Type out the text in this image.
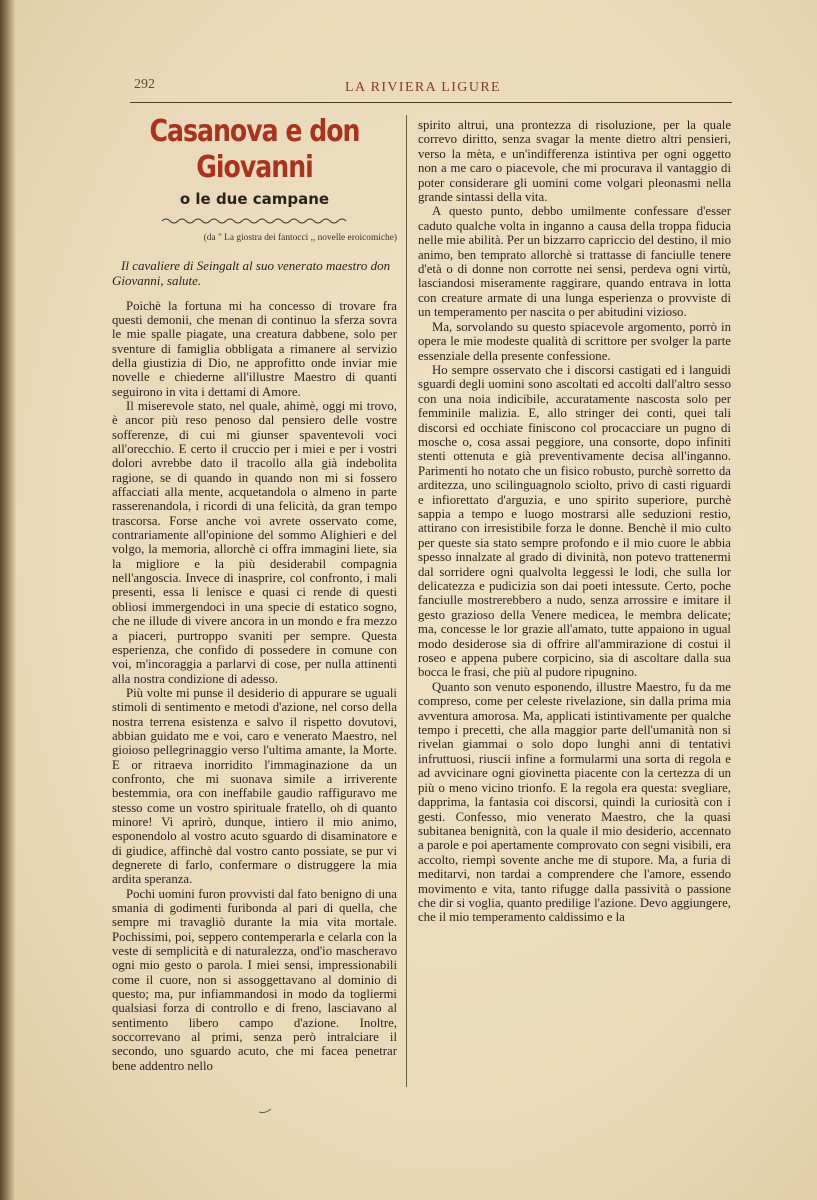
292	LA RIVIERA LIGURE
Casanova e don Giovanni
o le due campane
(da " La giostra dei fantocci ,, novelle eroicomiche)
Il cavaliere di Seingalt al suo venerato maestro don Giovanni, salute.

Poichè la fortuna mi ha concesso di trovare fra questi demonii, che menan di continuo la sferza sovra le mie spalle piagate, una creatura dabbene, solo per sventure di famiglia obbligata a rimanere al servizio della giustizia di Dio, ne approfitto onde inviar mie novelle e chiederne all'illustre Maestro di quanti seguirono in vita i dettami di Amore.

Il miserevole stato, nel quale, ahimè, oggi mi trovo, è ancor più reso penoso dal pensiero delle vostre sofferenze, di cui mi giunser spaventevoli voci all'orecchio. E certo il cruccio per i miei e per i vostri dolori avrebbe dato il tracollo alla già indebolita ragione, se di quando in quando non mi si fossero affacciati alla mente, acquetandola o almeno in parte rasserenandola, i ricordi di una felicità, da gran tempo trascorsa. Forse anche voi avrete osservato come, contrariamente all'opinione del sommo Alighieri e del volgo, la memoria, allorchè ci offra immagini liete, sia la migliore e la più desiderabil compagnia nell'angoscia. Invece di inasprire, col confronto, i mali presenti, essa li lenisce e quasi ci rende di questi obliosi immergendoci in una specie di estatico sogno, che ne illude di vivere ancora in un mondo e fra mezzo a piaceri, purtroppo svaniti per sempre. Questa esperienza, che confido di possedere in comune con voi, m'incoraggia a parlarvi di cose, per nulla attinenti alla nostra condizione di adesso.

Più volte mi punse il desiderio di appurare se uguali stimoli di sentimento e metodi d'azione, nel corso della nostra terrena esistenza e salvo il rispetto dovutovi, abbian guidato me e voi, caro e venerato Maestro, nel gioioso pellegrinaggio verso l'ultima amante, la Morte. E or ritraeva inorridito l'immaginazione da un confronto, che mi suonava simile a irriverente bestemmia, ora con ineffabile gaudio raffiguravo me stesso come un vostro spirituale fratello, oh di quanto minore! Vi aprirò, dunque, intiero il mio animo, esponendolo al vostro acuto sguardo di disaminatore e di giudice, affinchè dal vostro canto possiate, se pur vi degnerete di farlo, confermare o distruggere la mia ardita speranza.

Pochi uomini furon provvisti dal fato benigno di una smania di godimenti furibonda al pari di quella, che sempre mi travagliò durante la mia vita mortale. Pochissimi, poi, seppero contemperarla e celarla con la veste di semplicità e di naturalezza, ond'io mascheravo ogni mio gesto o parola. I miei sensi, impressionabili come il cuore, non si assoggettavano al dominio di questo; ma, pur infiammandosi in modo da togliermi qualsiasi forza di controllo e di freno, lasciavano al sentimento libero campo d'azione. Inoltre, soccorrevano al primi, senza però intralciare il secondo, uno sguardo acuto, che mi facea penetrar bene addentro nello

spirito altrui, una prontezza di risoluzione, per la quale correvo diritto, senza svagar la mente dietro altri pensieri, verso la mèta, e un'indifferenza istintiva per ogni oggetto non a me caro o piacevole, che mi procurava il vantaggio di poter considerare gli uomini come volgari pleonasmi nella grande sintassi della vita.

A questo punto, debbo umilmente confessare d'esser caduto qualche volta in inganno a causa della troppa fiducia nelle mie abilità. Per un bizzarro capriccio del destino, il mio animo, ben temprato allorchè si trattasse di fanciulle tenere d'età o di donne non corrotte nei sensi, perdeva ogni virtù, lasciandosi miseramente raggirare, quando entrava in lotta con creature armate di una lunga esperienza o provviste di un temperamento per nascita o per abitudini vizioso.

Ma, sorvolando su questo spiacevole argomento, porrò in opera le mie modeste qualità di scrittore per svolger la parte essenziale della presente confessione.

Ho sempre osservato che i discorsi castigati ed i languidi sguardi degli uomini sono ascoltati ed accolti dall'altro sesso con una noia indicibile, accuratamente nascosta solo per femminile malizia. E, allo stringer dei conti, quei tali discorsi ed occhiate finiscono col procacciare un pugno di mosche o, cosa assai peggiore, una consorte, dopo infiniti stenti ottenuta e già preventivamente decisa all'inganno. Parimenti ho notato che un fisico robusto, purchè sorretto da arditezza, uno scilinguagnolo sciolto, privo di casti riguardi e infiorettato d'arguzia, e uno spirito superiore, purchè sappia a tempo e luogo mostrarsi alle seduzioni restio, attirano con irresistibile forza le donne. Benchè il mio culto per queste sia stato sempre profondo e il mio cuore le abbia spesso innalzate al grado di divinità, non potevo trattenermi dal sorridere ogni qualvolta leggessi le lodi, che sulla lor delicatezza e pudicizia son dai poeti intessute. Certo, poche fanciulle mostrerebbero a nudo, senza arrossire e imitare il gesto grazioso della Venere medicea, le membra delicate; ma, concesse le lor grazie all'amato, tutte appaiono in ugual modo desiderose sia di offrire all'ammirazione di costui il roseo e appena pubere corpicino, sia di ascoltare dalla sua bocca le frasi, che più al pudore ripugnino.

Quanto son venuto esponendo, illustre Maestro, fu da me compreso, come per celeste rivelazione, sin dalla prima mia avventura amorosa. Ma, applicati istintivamente per qualche tempo i precetti, che alla maggior parte dell'umanità non si rivelan giammai o solo dopo lunghi anni di tentativi infruttuosi, riuscii infine a formularmi una sorta di regola e ad avvicinare ogni giovinetta piacente con la certezza di un più o meno vicino trionfo. E la regola era questa: svegliare, dapprima, la fantasia coi discorsi, quindi la curiosità con i gesti. Confesso, mio venerato Maestro, che la quasi subitanea benignità, con la quale il mio desiderio, accennato a parole e poi apertamente comprovato con segni visibili, era accolto, riempì sovente anche me di stupore. Ma, a furia di meditarvi, non tardai a comprendere che l'amore, essendo movimento e vita, tanto rifugge dalla passività o passione che dir si voglia, quanto predilige l'azione. Devo aggiungere, che il mio temperamento caldissimo e la
